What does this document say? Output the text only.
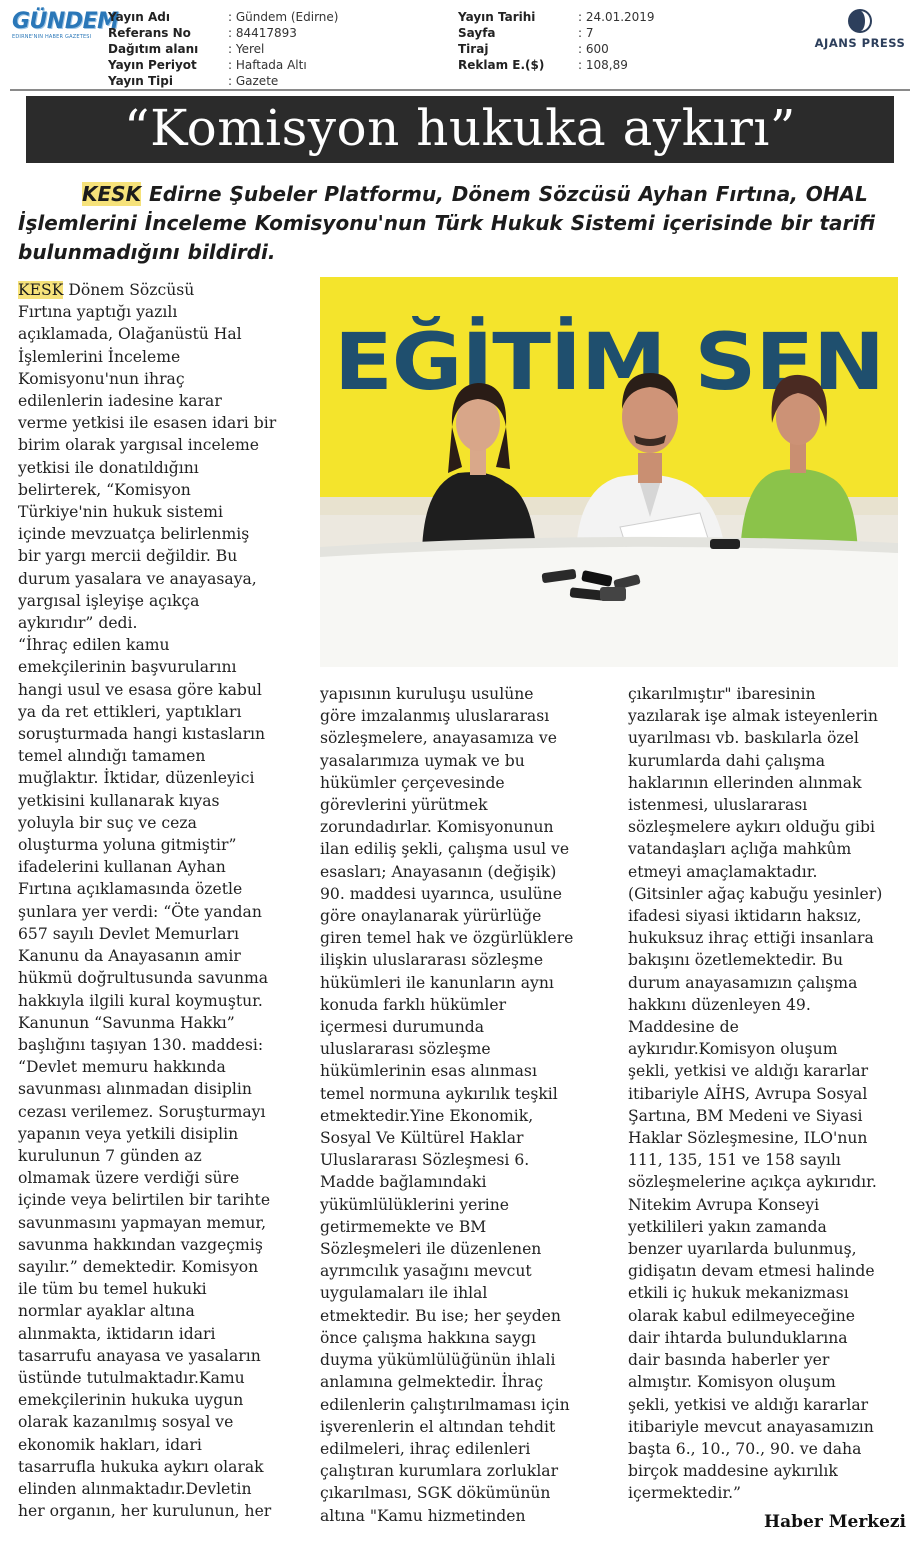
GÜNDEM
EDİRNE'NİN HABER GAZETESİ
Yayın Adı	: Gündem (Edirne)
Referans No	: 84417893
Dağıtım alanı	: Yerel
Yayın Periyot	: Haftada Altı
Yayın Tipi	: Gazete
Yayın Tarihi	: 24.01.2019
Sayfa	: 7
Tiraj	: 600
Reklam E.($)	: 108,89
AJANS PRESS
“Komisyon hukuka aykırı”
KESK Edirne Şubeler Platformu, Dönem Sözcüsü Ayhan Fırtına, OHAL İşlemlerini İnceleme Komisyonu'nun Türk Hukuk Sistemi içerisinde bir tarifi bulunmadığını bildirdi.
EĞİTİM SEN
KESK Dönem Sözcüsü
Fırtına yaptığı yazılı
açıklamada, Olağanüstü Hal
İşlemlerini İnceleme
Komisyonu'nun ihraç
edilenlerin iadesine karar
verme yetkisi ile esasen idari bir
birim olarak yargısal inceleme
yetkisi ile donatıldığını
belirterek, “Komisyon
Türkiye'nin hukuk sistemi
içinde mevzuatça belirlenmiş
bir yargı mercii değildir. Bu
durum yasalara ve anayasaya,
yargısal işleyişe açıkça
aykırıdır” dedi.
“İhraç edilen kamu
emekçilerinin başvurularını
hangi usul ve esasa göre kabul
ya da ret ettikleri, yaptıkları
soruşturmada hangi kıstasların
temel alındığı tamamen
muğlaktır. İktidar, düzenleyici
yetkisini kullanarak kıyas
yoluyla bir suç ve ceza
oluşturma yoluna gitmiştir”
ifadelerini kullanan Ayhan
Fırtına açıklamasında özetle
şunlara yer verdi: “Öte yandan
657 sayılı Devlet Memurları
Kanunu da Anayasanın amir
hükmü doğrultusunda savunma
hakkıyla ilgili kural koymuştur.
Kanunun “Savunma Hakkı”
başlığını taşıyan 130. maddesi:
“Devlet memuru hakkında
savunması alınmadan disiplin
cezası verilemez. Soruşturmayı
yapanın veya yetkili disiplin
kurulunun 7 günden az
olmamak üzere verdiği süre
içinde veya belirtilen bir tarihte
savunmasını yapmayan memur,
savunma hakkından vazgeçmiş
sayılır.” demektedir. Komisyon
ile tüm bu temel hukuki
normlar ayaklar altına
alınmakta, iktidarın idari
tasarrufu anayasa ve yasaların
üstünde tutulmaktadır.Kamu
emekçilerinin hukuka uygun
olarak kazanılmış sosyal ve
ekonomik hakları, idari
tasarrufla hukuka aykırı olarak
elinden alınmaktadır.Devletin
her organın, her kurulunun, her
yapısının kuruluşu usulüne
göre imzalanmış uluslararası
sözleşmelere, anayasamıza ve
yasalarımıza uymak ve bu
hükümler çerçevesinde
görevlerini yürütmek
zorundadırlar. Komisyonunun
ilan ediliş şekli, çalışma usul ve
esasları; Anayasanın (değişik)
90. maddesi uyarınca, usulüne
göre onaylanarak yürürlüğe
giren temel hak ve özgürlüklere
ilişkin uluslararası sözleşme
hükümleri ile kanunların aynı
konuda farklı hükümler
içermesi durumunda
uluslararası sözleşme
hükümlerinin esas alınması
temel normuna aykırılık teşkil
etmektedir.Yine Ekonomik,
Sosyal Ve Kültürel Haklar
Uluslararası Sözleşmesi 6.
Madde bağlamındaki
yükümlülüklerini yerine
getirmemekte ve BM
Sözleşmeleri ile düzenlenen
ayrımcılık yasağını mevcut
uygulamaları ile ihlal
etmektedir. Bu ise; her şeyden
önce çalışma hakkına saygı
duyma yükümlülüğünün ihlali
anlamına gelmektedir. İhraç
edilenlerin çalıştırılmaması için
işverenlerin el altından tehdit
edilmeleri, ihraç edilenleri
çalıştıran kurumlara zorluklar
çıkarılması, SGK dökümünün
altına "Kamu hizmetinden
çıkarılmıştır" ibaresinin
yazılarak işe almak isteyenlerin
uyarılması vb. baskılarla özel
kurumlarda dahi çalışma
haklarının ellerinden alınmak
istenmesi, uluslararası
sözleşmelere aykırı olduğu gibi
vatandaşları açlığa mahkûm
etmeyi amaçlamaktadır.
(Gitsinler ağaç kabuğu yesinler)
ifadesi siyasi iktidarın haksız,
hukuksuz ihraç ettiği insanlara
bakışını özetlemektedir. Bu
durum anayasamızın çalışma
hakkını düzenleyen 49.
Maddesine de
aykırıdır.Komisyon oluşum
şekli, yetkisi ve aldığı kararlar
itibariyle AİHS, Avrupa Sosyal
Şartına, BM Medeni ve Siyasi
Haklar Sözleşmesine, ILO'nun
111, 135, 151 ve 158 sayılı
sözleşmelerine açıkça aykırıdır.
Nitekim Avrupa Konseyi
yetkilileri yakın zamanda
benzer uyarılarda bulunmuş,
gidişatın devam etmesi halinde
etkili iç hukuk mekanizması
olarak kabul edilmeyeceğine
dair ihtarda bulunduklarına
dair basında haberler yer
almıştır. Komisyon oluşum
şekli, yetkisi ve aldığı kararlar
itibariyle mevcut anayasamızın
başta 6., 10., 70., 90. ve daha
birçok maddesine aykırılık
içermektedir.”
Haber Merkezi
